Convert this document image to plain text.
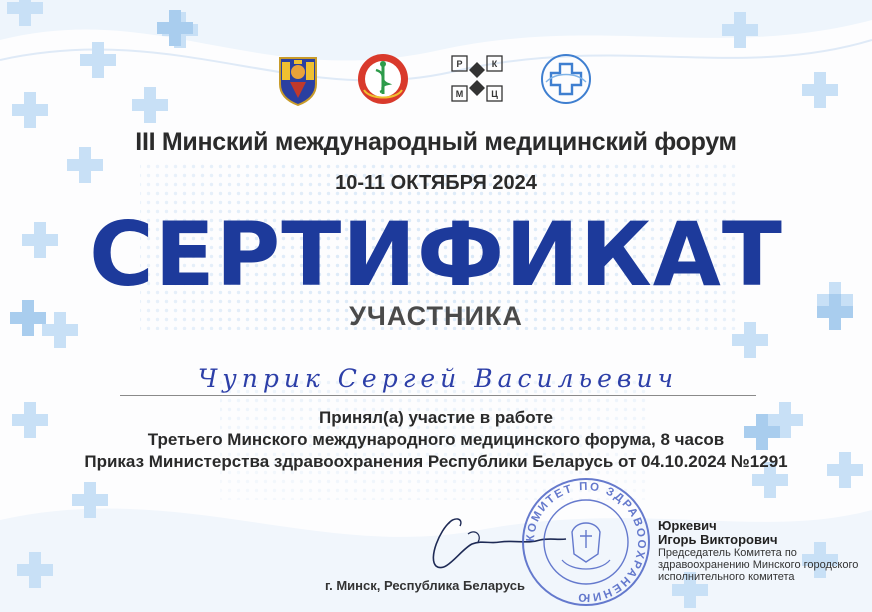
Р	К
М	Ц
III Минский международный медицинский форум
10-11 ОКТЯБРЯ 2024
СЕРТИФИКАТ
УЧАСТНИКА
Чуприк Сергей Васильевич
Принял(а) участие в работе
Третьего Минского международного медицинского форума, 8 часов
Приказ Министерства здравоохранения Республики Беларусь от 04.10.2024 №1291
КОМИТЕТ ПО ЗДРАВООХРАНЕНИЮ
г. Минск, Республика Беларусь
Юркевич
Игорь Викторович
Председатель Комитета по здравоохранению Минского городского исполнительного комитета
